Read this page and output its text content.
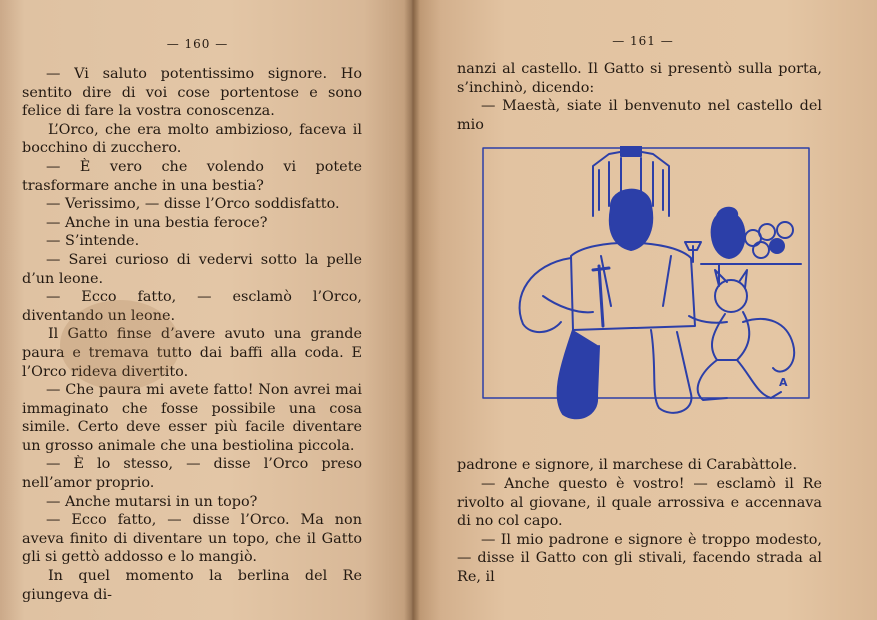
— 160 —

— Vi saluto potentissimo signore. Ho sentito dire di voi cose portentose e sono felice di fare la vostra conoscenza.

L’Orco, che era molto ambizioso, faceva il bocchino di zucchero.

— È vero che volendo vi potete trasformare anche in una bestia?

— Verissimo, — disse l’Orco soddisfatto.

— Anche in una bestia feroce?

— S’intende.

— Sarei curioso di vedervi sotto la pelle d’un leone.

— Ecco fatto, — esclamò l’Orco, diventando un leone.

Il Gatto finse d’avere avuto una grande paura e tremava tutto dai baffi alla coda. E l’Orco rideva divertito.

— Che paura mi avete fatto! Non avrei mai immaginato che fosse possibile una cosa simile. Certo deve esser più facile diventare un grosso animale che una bestiolina piccola.

— È lo stesso, — disse l’Orco preso nell’amor proprio.

— Anche mutarsi in un topo?

— Ecco fatto, — disse l’Orco. Ma non aveva finito di diventare un topo, che il Gatto gli si gettò addosso e lo mangiò.

In quel momento la berlina del Re giungeva di-

— 161 —

nanzi al castello. Il Gatto si presentò sulla porta, s’inchinò, dicendo:

— Maestà, siate il benvenuto nel castello del mio

A

padrone e signore, il marchese di Carabàttole.

— Anche questo è vostro! — esclamò il Re rivolto al giovane, il quale arrossiva e accennava di no col capo.

— Il mio padrone e signore è troppo modesto, — disse il Gatto con gli stivali, facendo strada al Re, il
